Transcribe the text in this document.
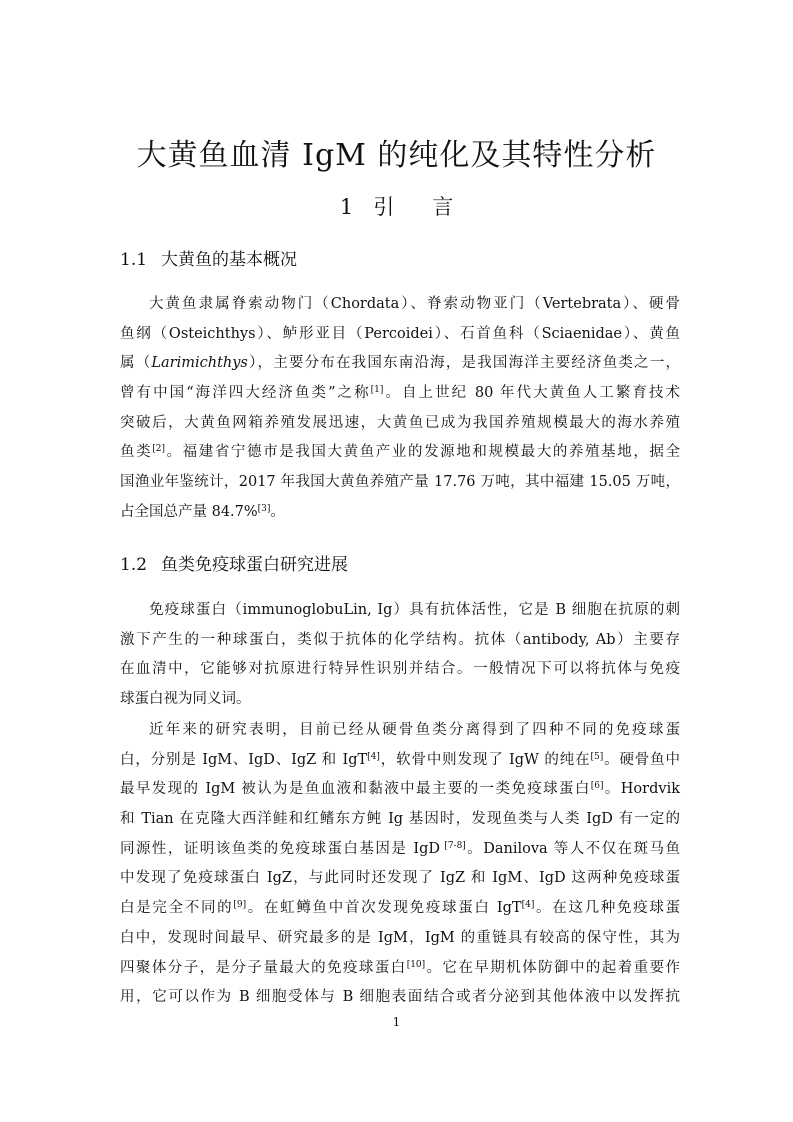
大黄鱼血清 IgM 的纯化及其特性分析
1 引 言
1.1 大黄鱼的基本概况

大黄鱼隶属脊索动物门（Chordata）、脊索动物亚门（Vertebrata）、硬骨
鱼纲（Osteichthys）、鲈形亚目（Percoidei）、石首鱼科（Sciaenidae）、黄鱼
属（Larimichthys），主要分布在我国东南沿海，是我国海洋主要经济鱼类之一，
曾有中国“海洋四大经济鱼类”之称[1]。自上世纪 80 年代大黄鱼人工繁育技术
突破后，大黄鱼网箱养殖发展迅速，大黄鱼已成为我国养殖规模最大的海水养殖
鱼类[2]。福建省宁德市是我国大黄鱼产业的发源地和规模最大的养殖基地，据全
国渔业年鉴统计，2017 年我国大黄鱼养殖产量 17.76 万吨，其中福建 15.05 万吨，
占全国总产量 84.7%[3]。

1.2 鱼类免疫球蛋白研究进展

免疫球蛋白（immunoglobuLin, Ig）具有抗体活性，它是 B 细胞在抗原的刺
激下产生的一种球蛋白，类似于抗体的化学结构。抗体（antibody, Ab）主要存
在血清中，它能够对抗原进行特异性识别并结合。一般情况下可以将抗体与免疫
球蛋白视为同义词。

近年来的研究表明，目前已经从硬骨鱼类分离得到了四种不同的免疫球蛋
白，分别是 IgM、IgD、IgZ 和 IgT[4]，软骨中则发现了 IgW 的纯在[5]。硬骨鱼中
最早发现的 IgM 被认为是鱼血液和黏液中最主要的一类免疫球蛋白[6]。Hordvik
和 Tian 在克隆大西洋鲑和红鳍东方鲀 Ig 基因时，发现鱼类与人类 IgD 有一定的
同源性，证明该鱼类的免疫球蛋白基因是 IgD [7-8]。Danilova 等人不仅在斑马鱼
中发现了免疫球蛋白 IgZ，与此同时还发现了 IgZ 和 IgM、IgD 这两种免疫球蛋
白是完全不同的[9]。在虹鳟鱼中首次发现免疫球蛋白 IgT[4]。在这几种免疫球蛋
白中，发现时间最早、研究最多的是 IgM，IgM 的重链具有较高的保守性，其为
四聚体分子，是分子量最大的免疫球蛋白[10]。它在早期机体防御中的起着重要作
用，它可以作为 B 细胞受体与 B 细胞表面结合或者分泌到其他体液中以发挥抗

1
